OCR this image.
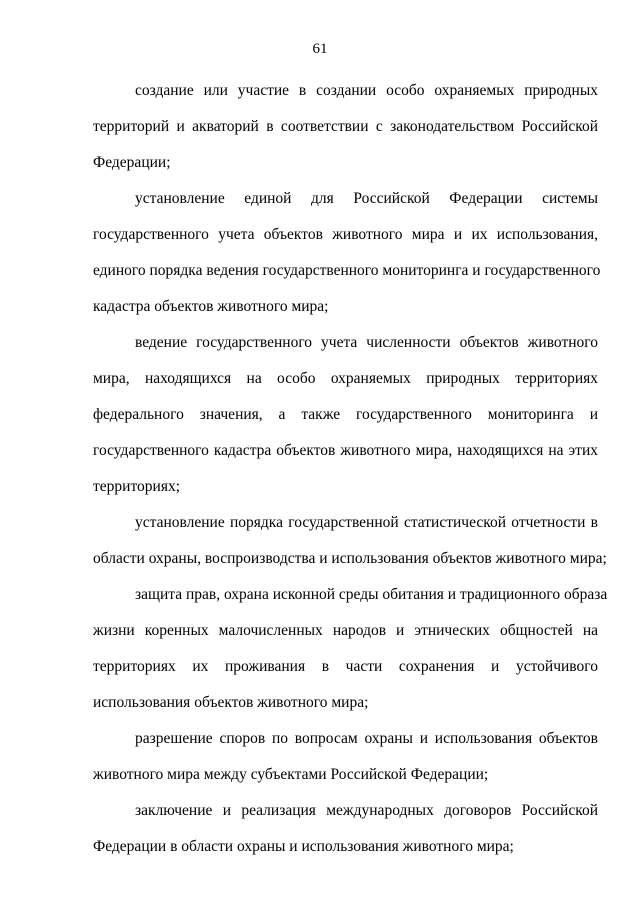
61
создание или участие в создании особо охраняемых природных
территорий и акваторий в соответствии с законодательством Российской
Федерации;
установление единой для Российской Федерации системы
государственного учета объектов животного мира и их использования,
единого порядка ведения государственного мониторинга и государственного
кадастра объектов животного мира;
ведение государственного учета численности объектов животного
мира, находящихся на особо охраняемых природных территориях
федерального значения, а также государственного мониторинга и
государственного кадастра объектов животного мира, находящихся на этих
территориях;
установление порядка государственной статистической отчетности в
области охраны, воспроизводства и использования объектов животного мира;
защита прав, охрана исконной среды обитания и традиционного образа
жизни коренных малочисленных народов и этнических общностей на
территориях их проживания в части сохранения и устойчивого
использования объектов животного мира;
разрешение споров по вопросам охраны и использования объектов
животного мира между субъектами Российской Федерации;
заключение и реализация международных договоров Российской
Федерации в области охраны и использования животного мира;
